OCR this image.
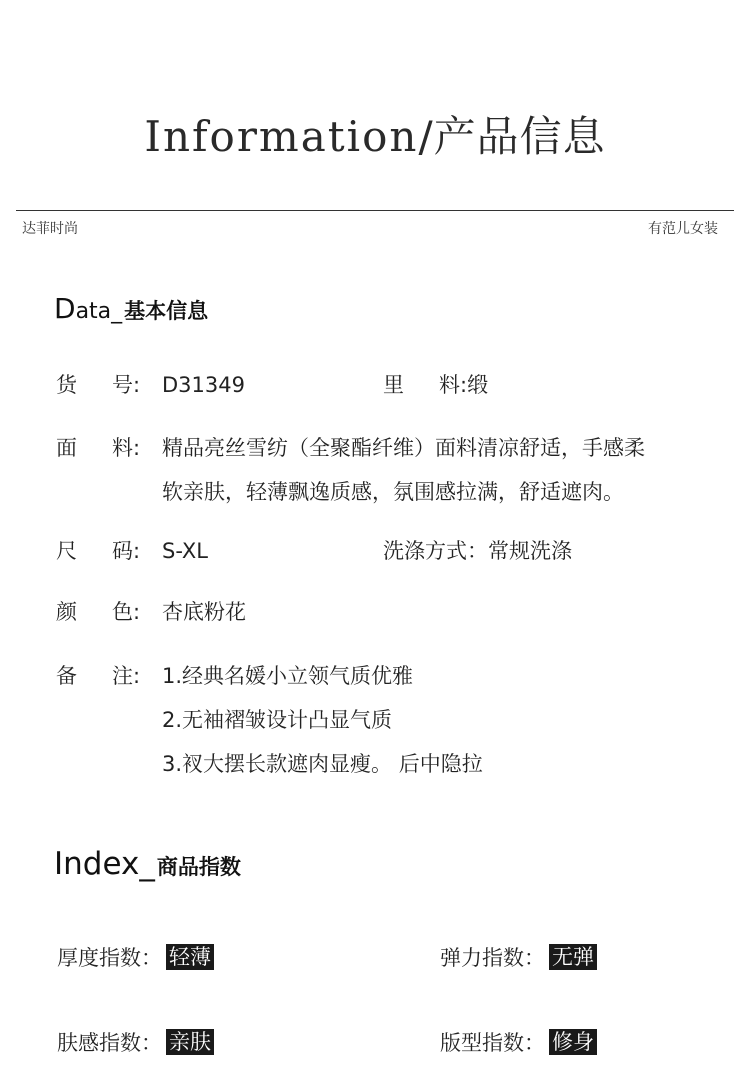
Information/产品信息
达菲时尚	有范儿女装
Data_ 基本信息
货 号: D31349	里 料:缎
面 料: 精品亮丝雪纺（全聚酯纤维）面料清凉舒适，手感柔
软亲肤，轻薄飘逸质感，氛围感拉满，舒适遮肉。
尺 码: S-XL	洗涤方式：常规洗涤
颜 色: 杏底粉花
备 注: 1.经典名媛小立领气质优雅
2.无袖褶皱设计凸显气质
3.衩大摆长款遮肉显瘦。 后中隐拉
Index_ 商品指数
厚度指数： 轻薄	弹力指数： 无弹
肤感指数： 亲肤	版型指数： 修身
